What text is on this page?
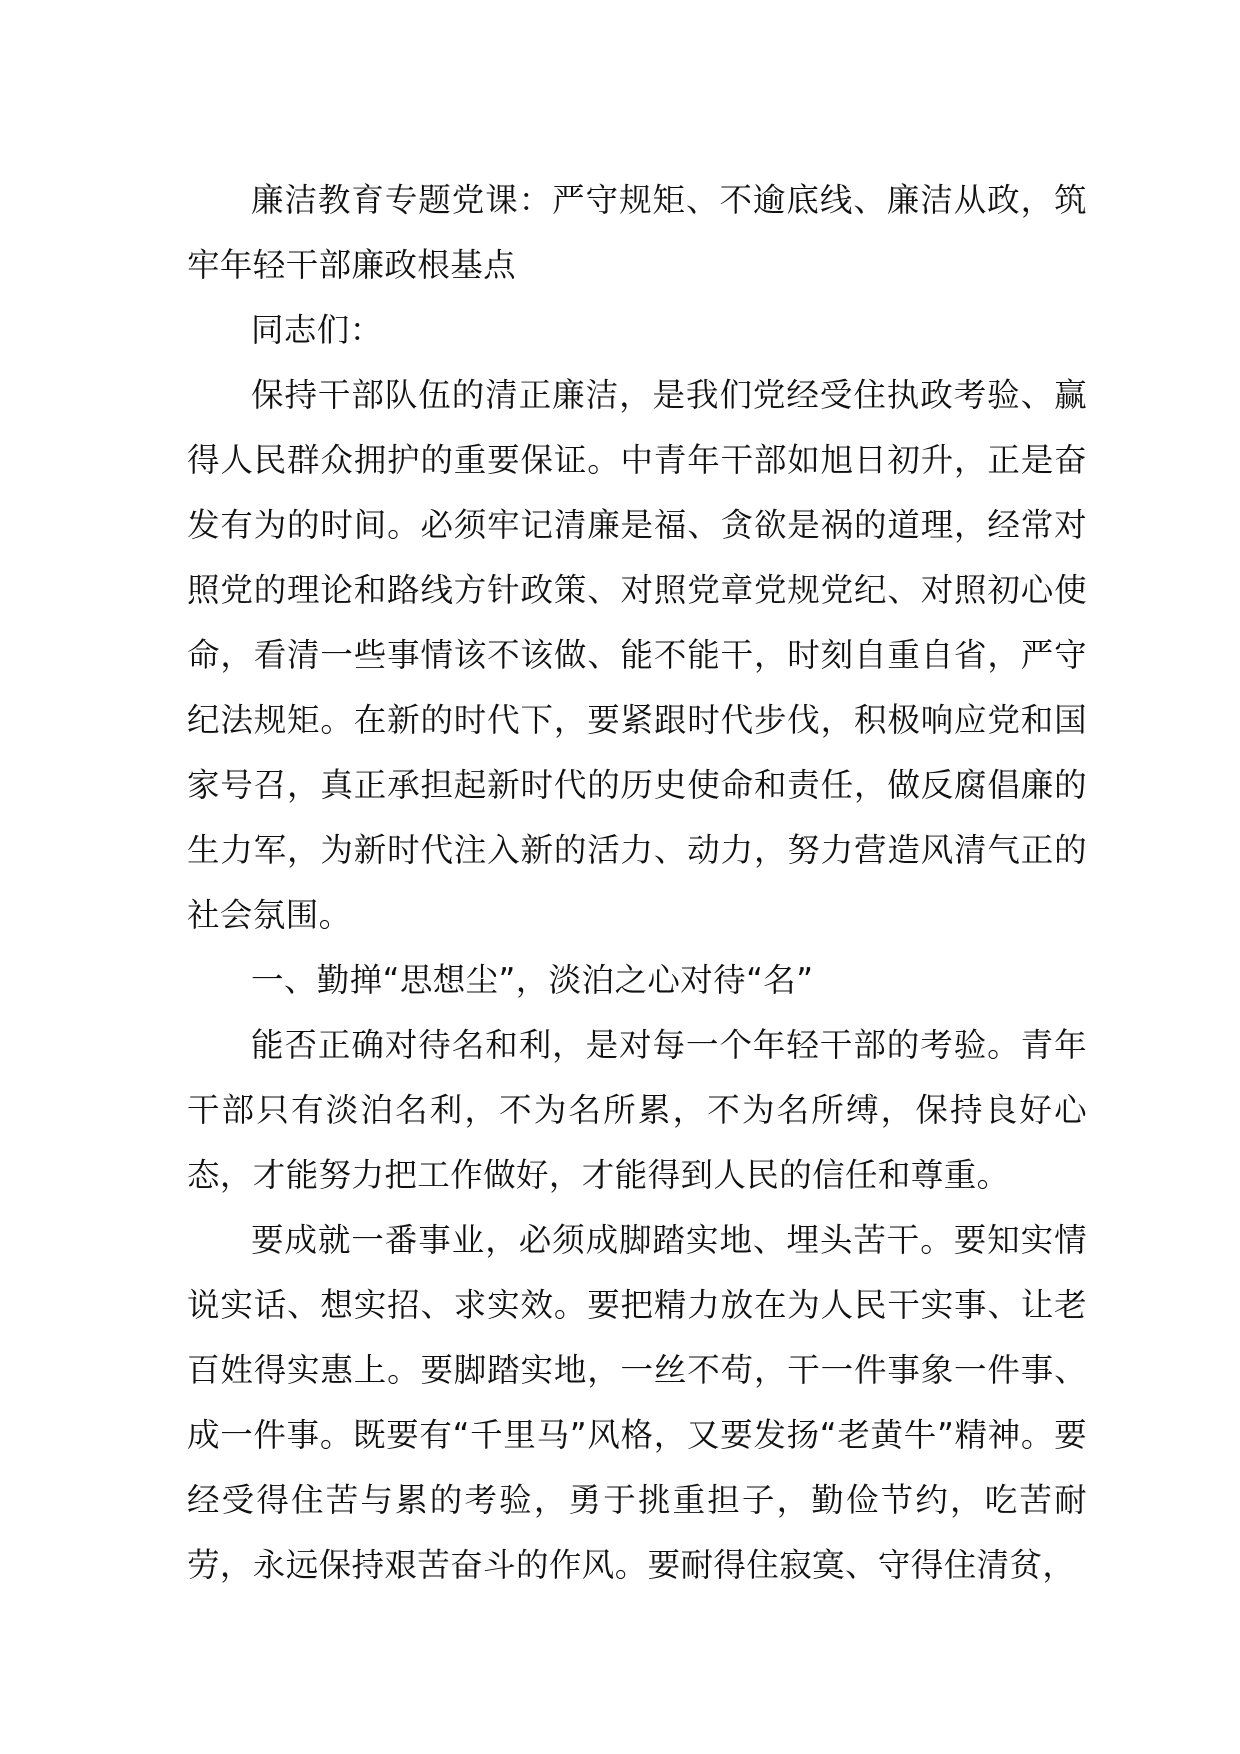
廉洁教育专题党课：严守规矩、不逾底线、廉洁从政，筑牢年轻干部廉政根基点

同志们：

保持干部队伍的清正廉洁，是我们党经受住执政考验、赢得人民群众拥护的重要保证。中青年干部如旭日初升，正是奋发有为的时间。必须牢记清廉是福、贪欲是祸的道理，经常对照党的理论和路线方针政策、对照党章党规党纪、对照初心使命，看清一些事情该不该做、能不能干，时刻自重自省，严守纪法规矩。在新的时代下，要紧跟时代步伐，积极响应党和国家号召，真正承担起新时代的历史使命和责任，做反腐倡廉的生力军，为新时代注入新的活力、动力，努力营造风清气正的社会氛围。

一、勤掸“思想尘”，淡泊之心对待“名”

能否正确对待名和利，是对每一个年轻干部的考验。青年干部只有淡泊名利，不为名所累，不为名所缚，保持良好心态，才能努力把工作做好，才能得到人民的信任和尊重。

要成就一番事业，必须成脚踏实地、埋头苦干。要知实情说实话、想实招、求实效。要把精力放在为人民干实事、让老百姓得实惠上。要脚踏实地，一丝不苟，干一件事象一件事、成一件事。既要有“千里马”风格，又要发扬“老黄牛”精神。要经受得住苦与累的考验，勇于挑重担子，勤俭节约，吃苦耐劳，永远保持艰苦奋斗的作风。要耐得住寂寞、守得住清贫，
